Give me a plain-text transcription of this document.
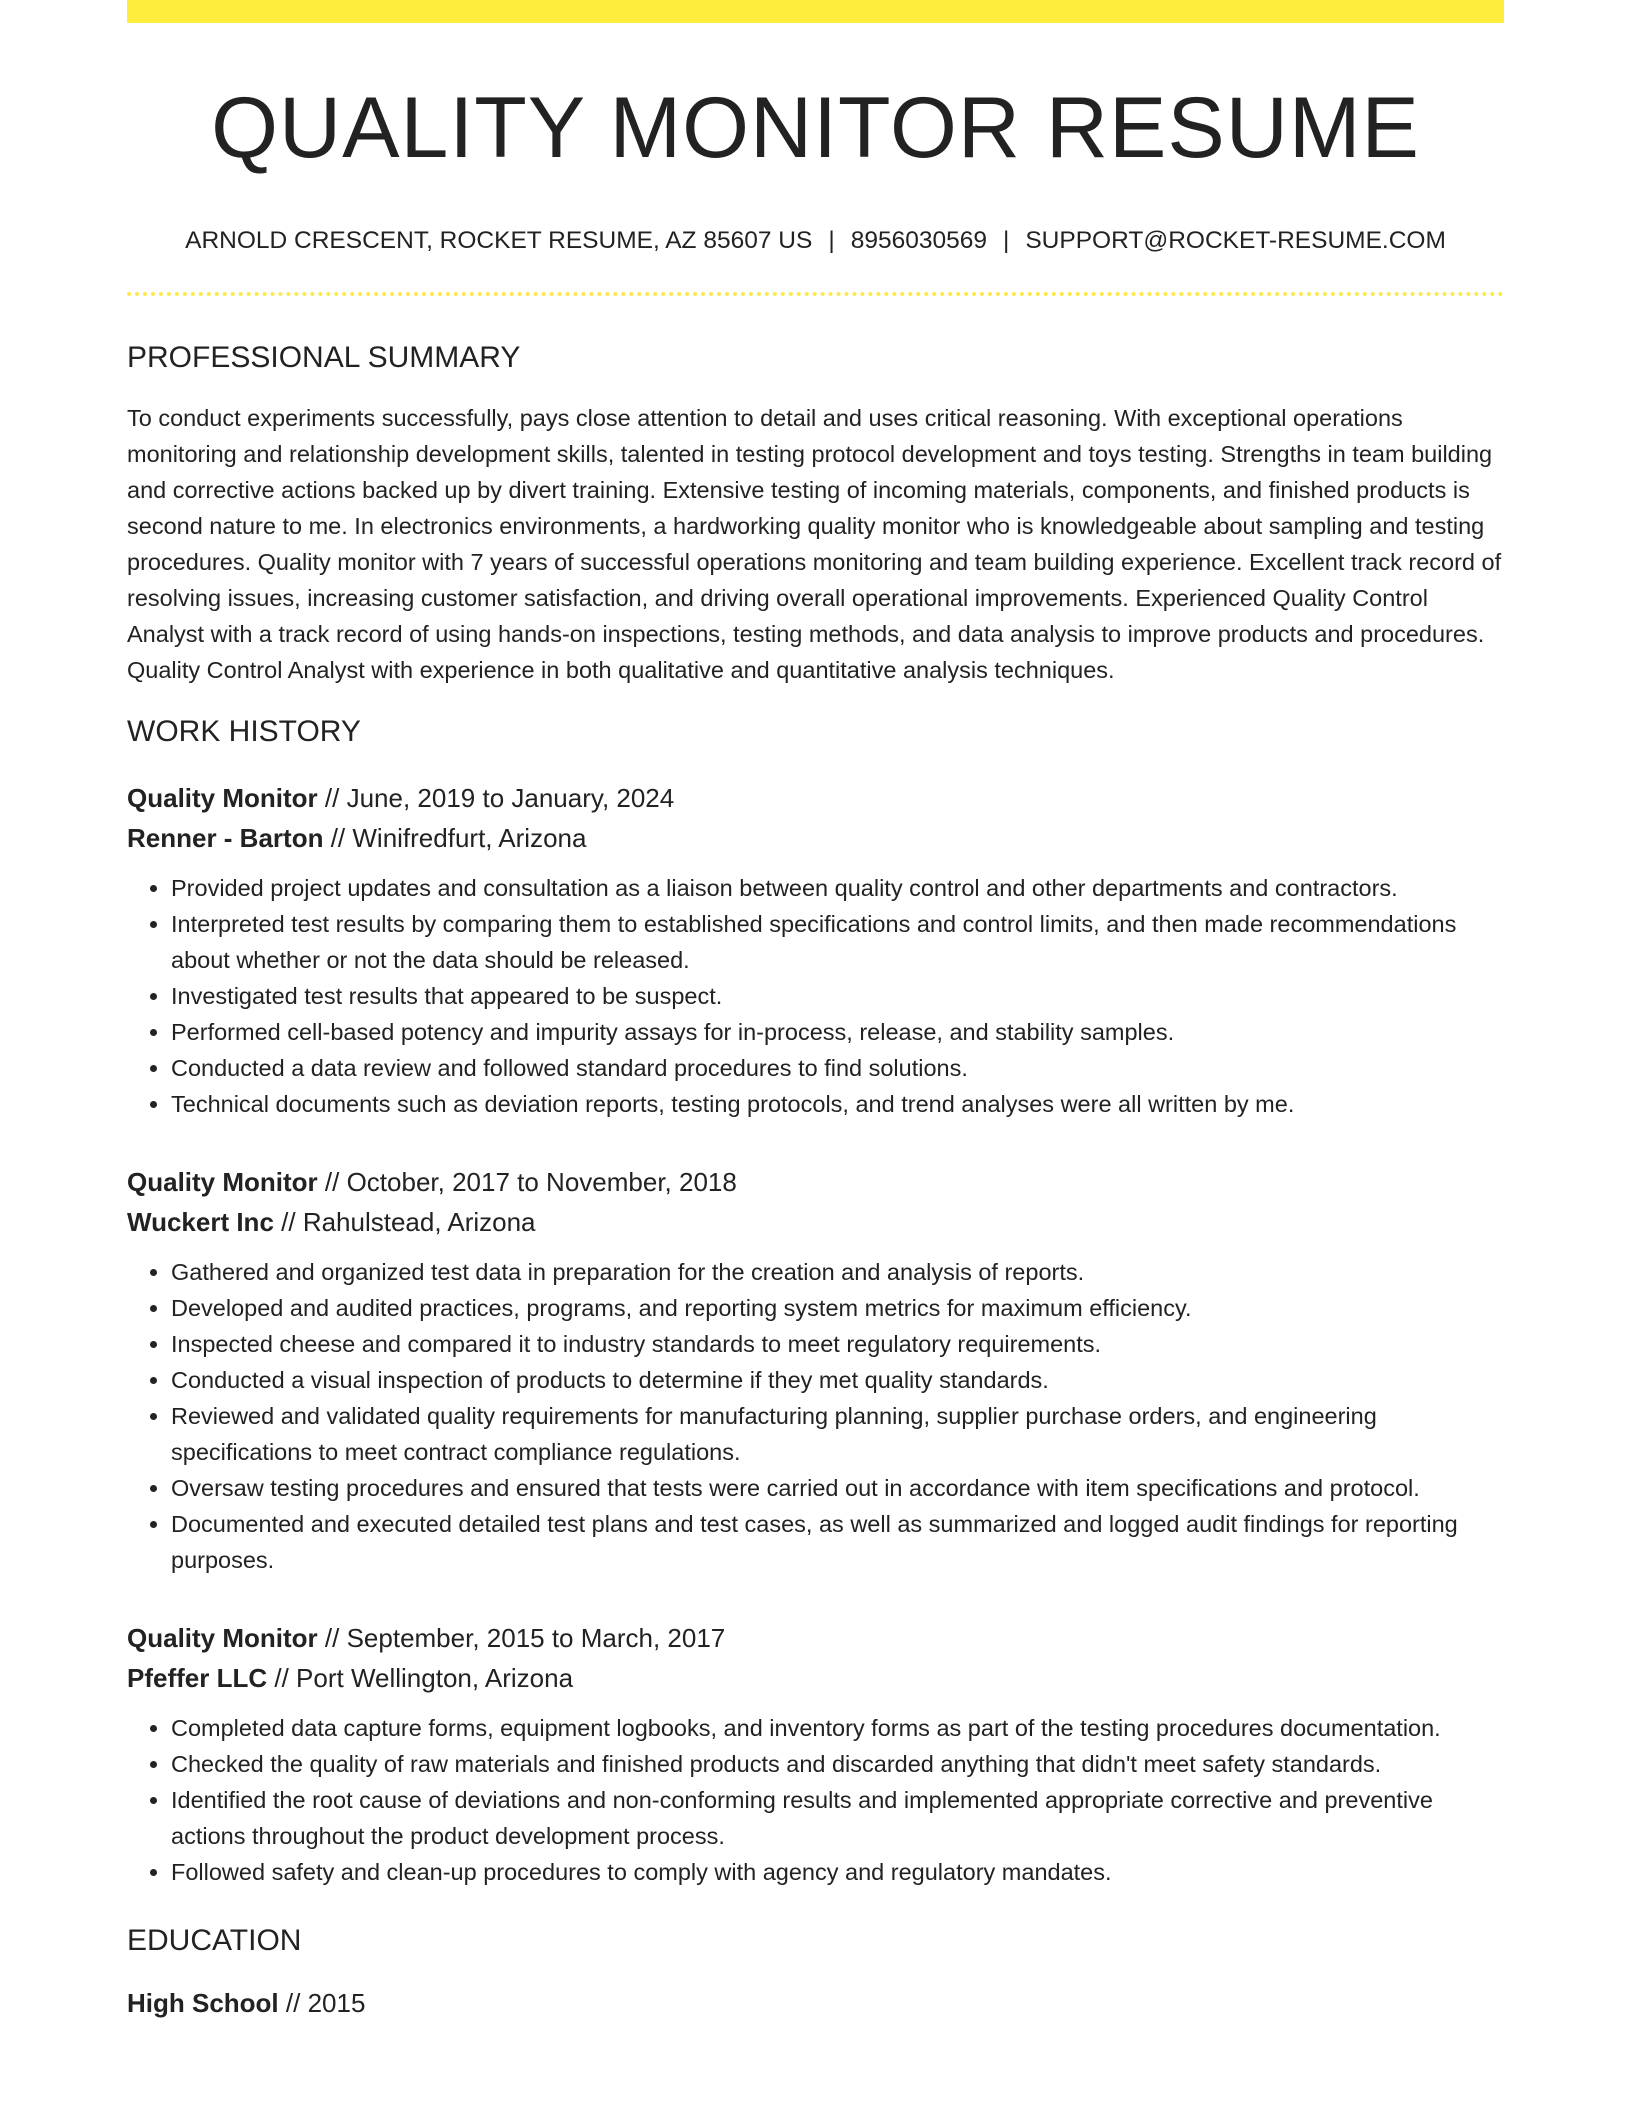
QUALITY MONITOR RESUME
ARNOLD CRESCENT, ROCKET RESUME, AZ 85607 US | 8956030569 | SUPPORT@ROCKET-RESUME.COM
PROFESSIONAL SUMMARY
To conduct experiments successfully, pays close attention to detail and uses critical reasoning. With exceptional operations monitoring and relationship development skills, talented in testing protocol development and toys testing. Strengths in team building and corrective actions backed up by divert training. Extensive testing of incoming materials, components, and finished products is second nature to me. In electronics environments, a hardworking quality monitor who is knowledgeable about sampling and testing procedures. Quality monitor with 7 years of successful operations monitoring and team building experience. Excellent track record of resolving issues, increasing customer satisfaction, and driving overall operational improvements. Experienced Quality Control Analyst with a track record of using hands-on inspections, testing methods, and data analysis to improve products and procedures. Quality Control Analyst with experience in both qualitative and quantitative analysis techniques.
WORK HISTORY
Quality Monitor // June, 2019 to January, 2024
Renner - Barton // Winifredfurt, Arizona
• Provided project updates and consultation as a liaison between quality control and other departments and contractors.
• Interpreted test results by comparing them to established specifications and control limits, and then made recommendations about whether or not the data should be released.
• Investigated test results that appeared to be suspect.
• Performed cell-based potency and impurity assays for in-process, release, and stability samples.
• Conducted a data review and followed standard procedures to find solutions.
• Technical documents such as deviation reports, testing protocols, and trend analyses were all written by me.
Quality Monitor // October, 2017 to November, 2018
Wuckert Inc // Rahulstead, Arizona
• Gathered and organized test data in preparation for the creation and analysis of reports.
• Developed and audited practices, programs, and reporting system metrics for maximum efficiency.
• Inspected cheese and compared it to industry standards to meet regulatory requirements.
• Conducted a visual inspection of products to determine if they met quality standards.
• Reviewed and validated quality requirements for manufacturing planning, supplier purchase orders, and engineering specifications to meet contract compliance regulations.
• Oversaw testing procedures and ensured that tests were carried out in accordance with item specifications and protocol.
• Documented and executed detailed test plans and test cases, as well as summarized and logged audit findings for reporting purposes.
Quality Monitor // September, 2015 to March, 2017
Pfeffer LLC // Port Wellington, Arizona
• Completed data capture forms, equipment logbooks, and inventory forms as part of the testing procedures documentation.
• Checked the quality of raw materials and finished products and discarded anything that didn't meet safety standards.
• Identified the root cause of deviations and non-conforming results and implemented appropriate corrective and preventive actions throughout the product development process.
• Followed safety and clean-up procedures to comply with agency and regulatory mandates.
EDUCATION
High School // 2015
